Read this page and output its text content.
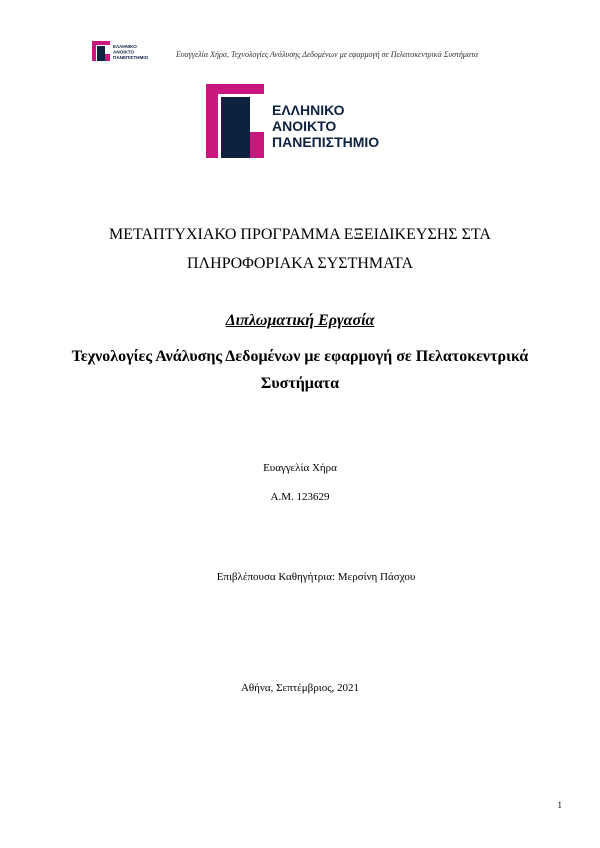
ΕΛΛΗΝΙΚΟ
ΑΝΟΙΚΤΟ
ΠΑΝΕΠΙΣΤΗΜΙΟ	Ευαγγελία Χήρα, Τεχνολογίες Ανάλυσης Δεδομένων με εφαρμογή σε Πελατοκεντρικά Συστήματα
ΕΛΛΗΝΙΚΟ
ΑΝΟΙΚΤΟ
ΠΑΝΕΠΙΣΤΗΜΙΟ
ΜΕΤΑΠΤΥΧΙΑΚΟ ΠΡΟΓΡΑΜΜΑ ΕΞΕΙΔΙΚΕΥΣΗΣ ΣΤΑ
ΠΛΗΡΟΦΟΡΙΑΚΑ ΣΥΣΤΗΜΑΤΑ
Διπλωματική Εργασία
Τεχνολογίες Ανάλυσης Δεδομένων με εφαρμογή σε Πελατοκεντρικά
Συστήματα
Ευαγγελία Χήρα
Α.Μ. 123629
Επιβλέπουσα Καθηγήτρια: Μερσίνη Πάσχου
Αθήνα, Σεπτέμβριος, 2021
1
